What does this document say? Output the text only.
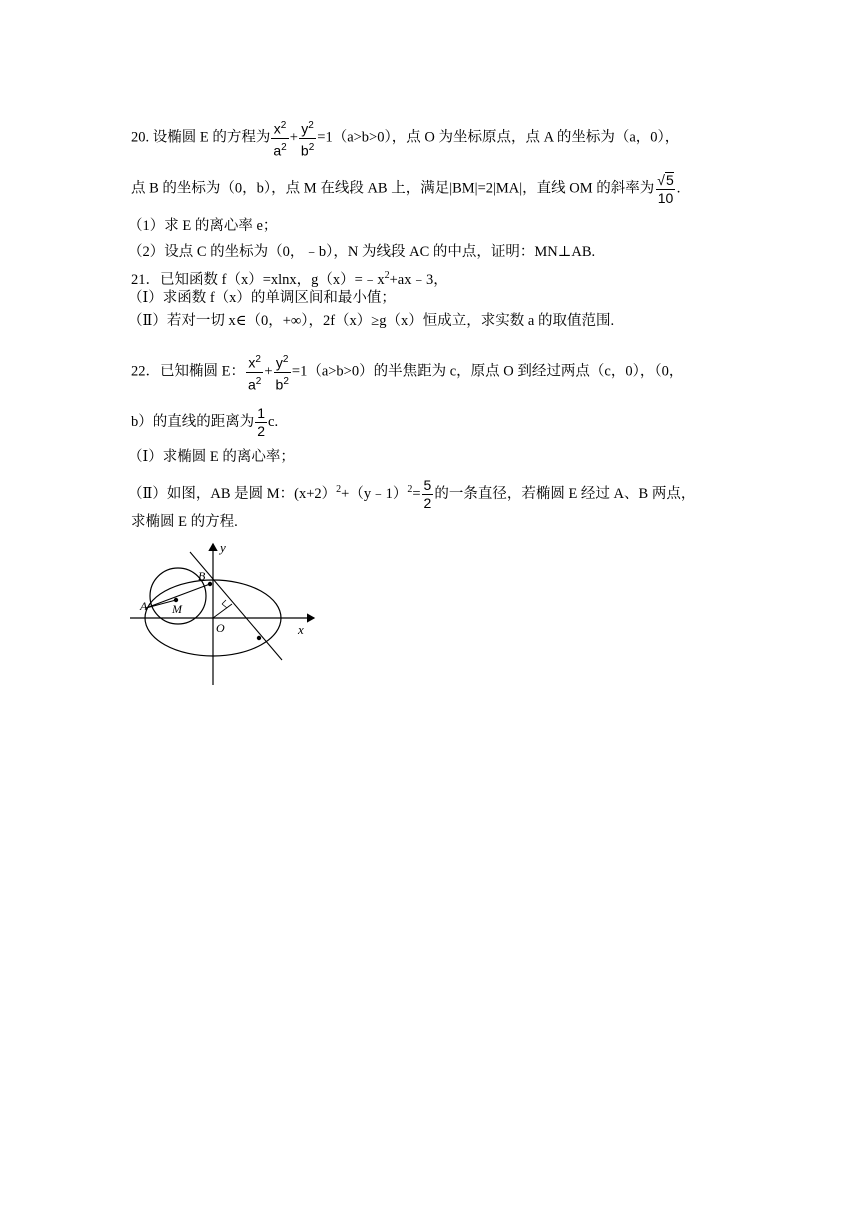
20. 设椭圆 E 的方程为 $\frac{x^2}{a^2} + \frac{y^2}{b^2} =1(a>b>0)$，点 O 为坐标原点，点 A 的坐标为（a，0），
点 B 的坐标为（0，b），点 M 在线段 AB 上，满足|BM|=2|MA|，直线 OM 的斜率为 $\frac{√ 5}{10}$ .
（1）求 E 的离心率 e；
（2）设点 C 的坐标为（0，﹣b），N 为线段 AC 的中点，证明：MN⊥AB.
21．已知函数 f（x）=xlnx，$g(x)=﹣x^2+ax﹣3$，
（Ⅰ）求函数 f（x）的单调区间和最小值；
（Ⅱ）若对一切 x∈（0，+∞），2f（x）≥g（x）恒成立，求实数 a 的取值范围.
22．已知椭圆 E： $\frac{x^2}{a^2} + \frac{y^2}{b^2} =1(a>b>0)$的半焦距为 c，原点 O 到经过两点（c，0），（0，
b）的直线的距离为 $\frac{1}{2} c$.
（Ⅰ）求椭圆 E 的离心率；
（Ⅱ）如图，AB 是圆 M：(x+2）$^2$+（y﹣1）$^2$= $\frac{5}{2}$ 的一条直径，若椭圆 E 经过 A、B 两点，
求椭圆 E 的方程.
y
x
O
A
B
M
